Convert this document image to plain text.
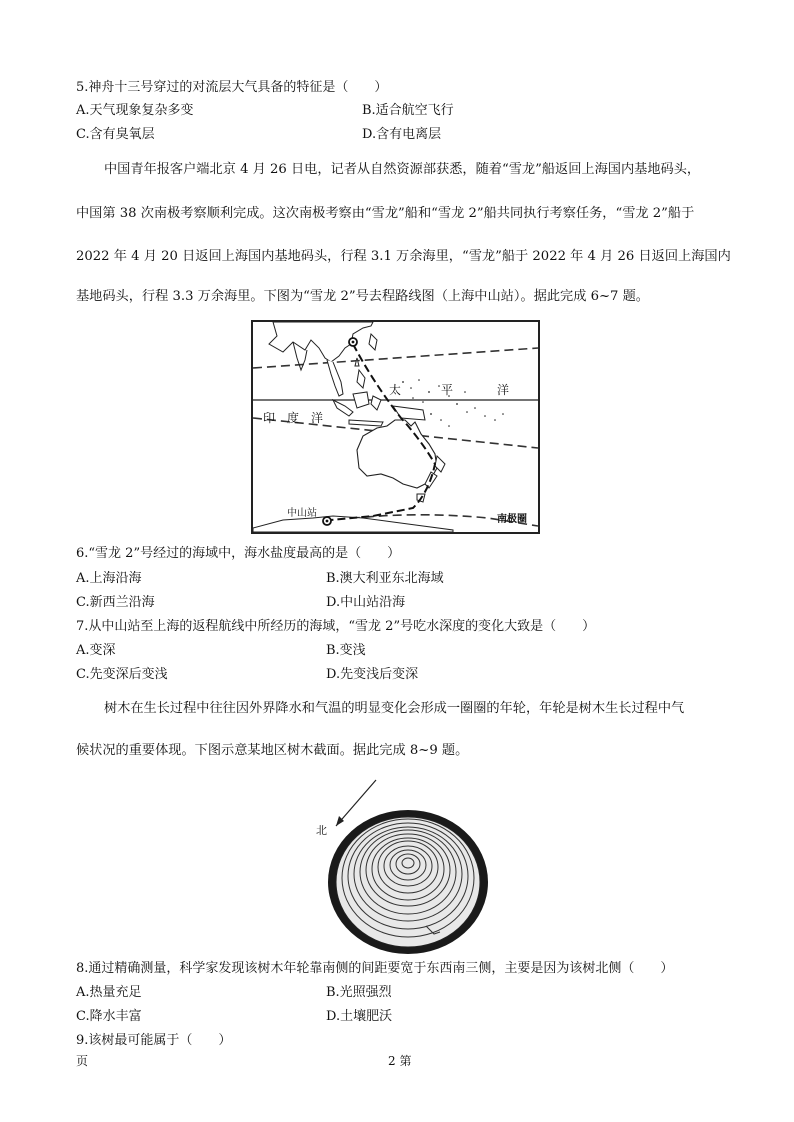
5.神舟十三号穿过的对流层大气具备的特征是（　　）
A.天气现象复杂多变	B.适合航空飞行
C.含有臭氧层	D.含有电离层
中国青年报客户端北京 4 月 26 日电，记者从自然资源部获悉，随着“雪龙”船返回上海国内基地码头，
中国第 38 次南极考察顺利完成。这次南极考察由“雪龙”船和“雪龙 2”船共同执行考察任务，“雪龙 2”船于
2022 年 4 月 20 日返回上海国内基地码头，行程 3.1 万余海里，“雪龙”船于 2022 年 4 月 26 日返回上海国内
基地码头，行程 3.3 万余海里。下图为“雪龙 2”号去程路线图（上海中山站）。据此完成 6~7 题。
太	平	洋
印 度 洋
中山站
南极圈
6.“雪龙 2”号经过的海域中，海水盐度最高的是（　　）
A.上海沿海	B.澳大利亚东北海域
C.新西兰沿海	D.中山站沿海
7.从中山站至上海的返程航线中所经历的海域，“雪龙 2”号吃水深度的变化大致是（　　）
A.变深	B.变浅
C.先变深后变浅	D.先变浅后变深
树木在生长过程中往往因外界降水和气温的明显变化会形成一圈圈的年轮，年轮是树木生长过程中气
候状况的重要体现。下图示意某地区树木截面。据此完成 8~9 题。
北
8.通过精确测量，科学家发现该树木年轮靠南侧的间距要宽于东西南三侧，主要是因为该树北侧（　　）
A.热量充足	B.光照强烈
C.降水丰富	D.土壤肥沃
9.该树最可能属于（　　）
页	2 第
